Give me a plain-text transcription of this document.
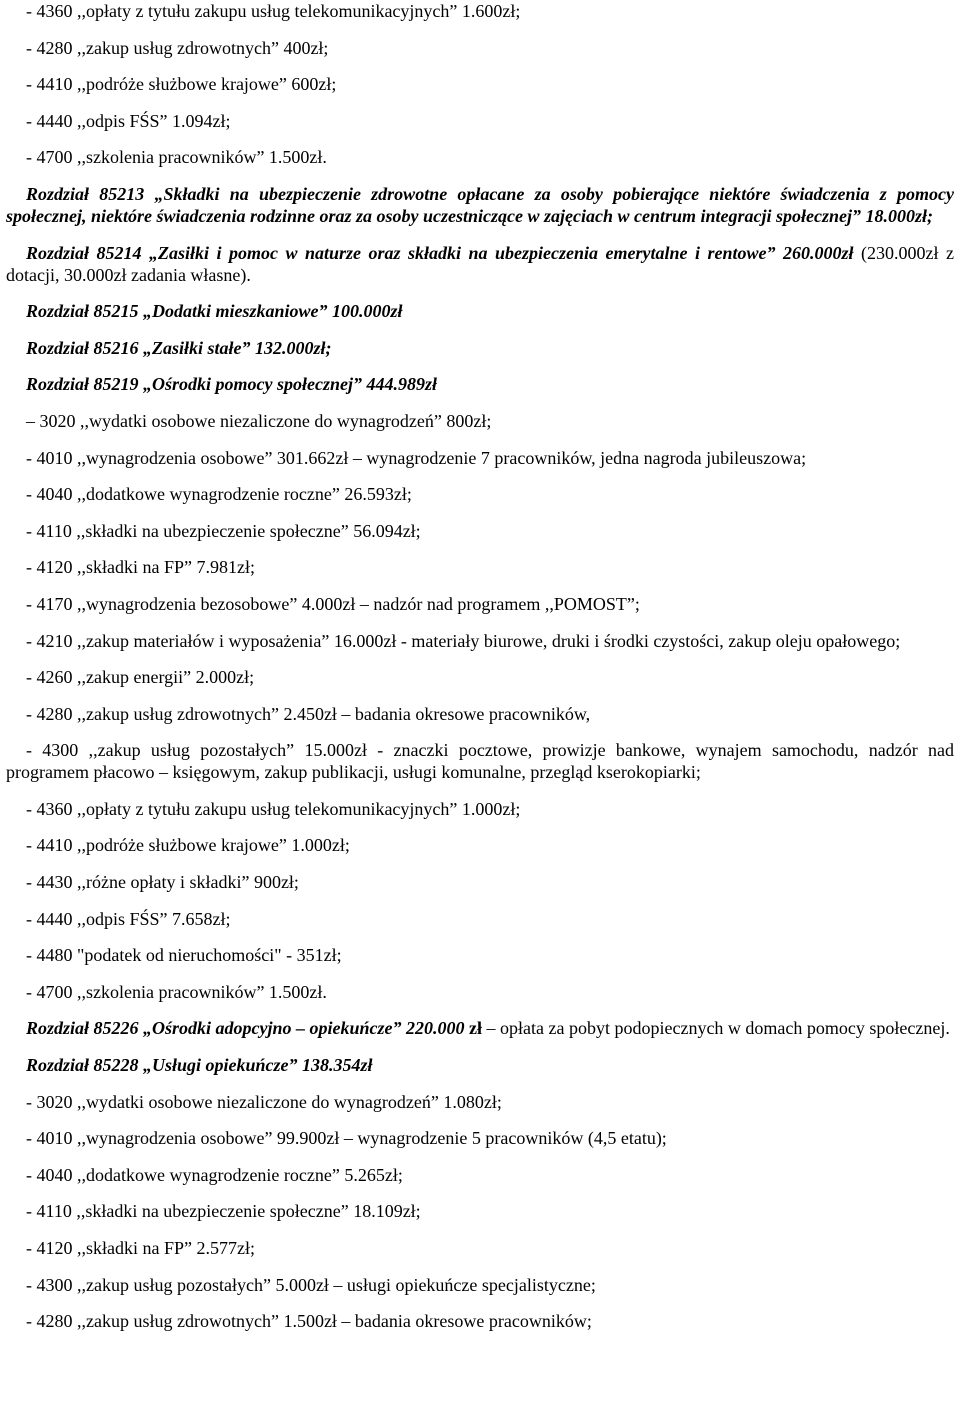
- 4360 ,,opłaty z tytułu zakupu usług telekomunikacyjnych” 1.600zł;
- 4280 ,,zakup usług zdrowotnych” 400zł;
- 4410 ,,podróże służbowe krajowe” 600zł;
- 4440 ,,odpis FŚS” 1.094zł;
- 4700 ,,szkolenia pracowników” 1.500zł.
Rozdział 85213 „Składki na ubezpieczenie zdrowotne opłacane za osoby pobierające niektóre świadczenia z pomocy społecznej, niektóre świadczenia rodzinne oraz za osoby uczestniczące w zajęciach w centrum integracji społecznej” 18.000zł;
Rozdział 85214 „Zasiłki i pomoc w naturze oraz składki na ubezpieczenia emerytalne i rentowe” 260.000zł (230.000zł z dotacji, 30.000zł zadania własne).
Rozdział 85215 „Dodatki mieszkaniowe” 100.000zł
Rozdział 85216 „Zasiłki stałe” 132.000zł;
Rozdział 85219 „Ośrodki pomocy społecznej” 444.989zł
– 3020 ,,wydatki osobowe niezaliczone do wynagrodzeń” 800zł;
- 4010 ,,wynagrodzenia osobowe” 301.662zł – wynagrodzenie 7 pracowników, jedna nagroda jubileuszowa;
- 4040 ,,dodatkowe wynagrodzenie roczne” 26.593zł;
- 4110 ,,składki na ubezpieczenie społeczne” 56.094zł;
- 4120 ,,składki na FP” 7.981zł;
- 4170 ,,wynagrodzenia bezosobowe” 4.000zł – nadzór nad programem ,,POMOST”;
- 4210 ,,zakup materiałów i wyposażenia” 16.000zł - materiały biurowe, druki i środki czystości, zakup oleju opałowego;
- 4260 ,,zakup energii” 2.000zł;
- 4280 ,,zakup usług zdrowotnych” 2.450zł – badania okresowe pracowników,
- 4300 ,,zakup usług pozostałych” 15.000zł - znaczki pocztowe, prowizje bankowe, wynajem samochodu, nadzór nad programem płacowo – księgowym, zakup publikacji, usługi komunalne, przegląd kserokopiarki;
- 4360 ,,opłaty z tytułu zakupu usług telekomunikacyjnych” 1.000zł;
- 4410 ,,podróże służbowe krajowe” 1.000zł;
- 4430 ,,różne opłaty i składki” 900zł;
- 4440 ,,odpis FŚS” 7.658zł;
- 4480 "podatek od nieruchomości" - 351zł;
- 4700 ,,szkolenia pracowników” 1.500zł.
Rozdział 85226 „Ośrodki adopcyjno – opiekuńcze” 220.000 zł – opłata za pobyt podopiecznych w domach pomocy społecznej.
Rozdział 85228 „Usługi opiekuńcze” 138.354zł
- 3020 ,,wydatki osobowe niezaliczone do wynagrodzeń” 1.080zł;
- 4010 ,,wynagrodzenia osobowe” 99.900zł – wynagrodzenie 5 pracowników (4,5 etatu);
- 4040 ,,dodatkowe wynagrodzenie roczne” 5.265zł;
- 4110 ,,składki na ubezpieczenie społeczne” 18.109zł;
- 4120 ,,składki na FP” 2.577zł;
- 4300 ,,zakup usług pozostałych” 5.000zł – usługi opiekuńcze specjalistyczne;
- 4280 ,,zakup usług zdrowotnych” 1.500zł – badania okresowe pracowników;
